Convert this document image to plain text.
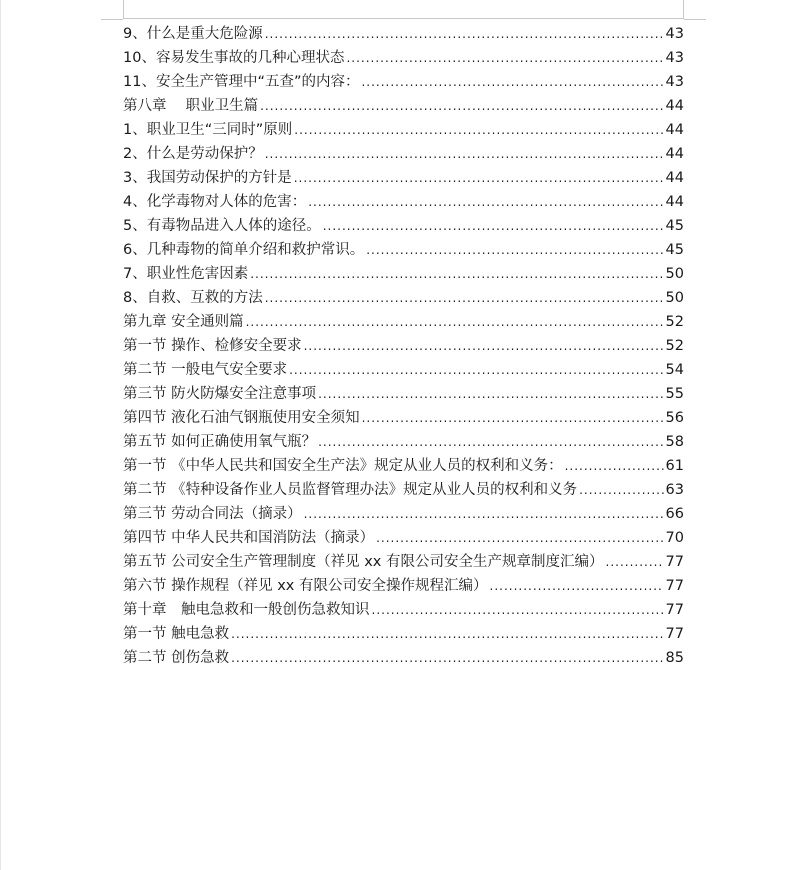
9、什么是重大危险源 .....	43
10、容易发生事故的几种心理状态 .....	43
11、安全生产管理中“五查”的内容： .....	43
第八章　 职业卫生篇 .....	44
1、职业卫生“三同时”原则 .....	44
2、什么是劳动保护？ .....	44
3、我国劳动保护的方针是 .....	44
4、化学毒物对人体的危害： .....	44
5、有毒物品进入人体的途径。 .....	45
6、几种毒物的简单介绍和救护常识。 .....	45
7、职业性危害因素 .....	50
8、自救、互救的方法 .....	50
第九章 安全通则篇 .....	52
第一节 操作、检修安全要求 .....	52
第二节 一般电气安全要求 .....	54
第三节 防火防爆安全注意事项 .....	55
第四节 液化石油气钢瓶使用安全须知 .....	56
第五节 如何正确使用氧气瓶？ .....	58
第一节 《中华人民共和国安全生产法》规定从业人员的权利和义务： .....	61
第二节 《特种设备作业人员监督管理办法》规定从业人员的权利和义务 .....	63
第三节 劳动合同法（摘录） .....	66
第四节 中华人民共和国消防法（摘录） .....	70
第五节 公司安全生产管理制度（祥见 xx 有限公司安全生产规章制度汇编） .....	77
第六节 操作规程（祥见 xx 有限公司安全操作规程汇编） .....	77
第十章　触电急救和一般创伤急救知识 .....	77
第一节 触电急救 .....	77
第二节 创伤急救 .....	85
